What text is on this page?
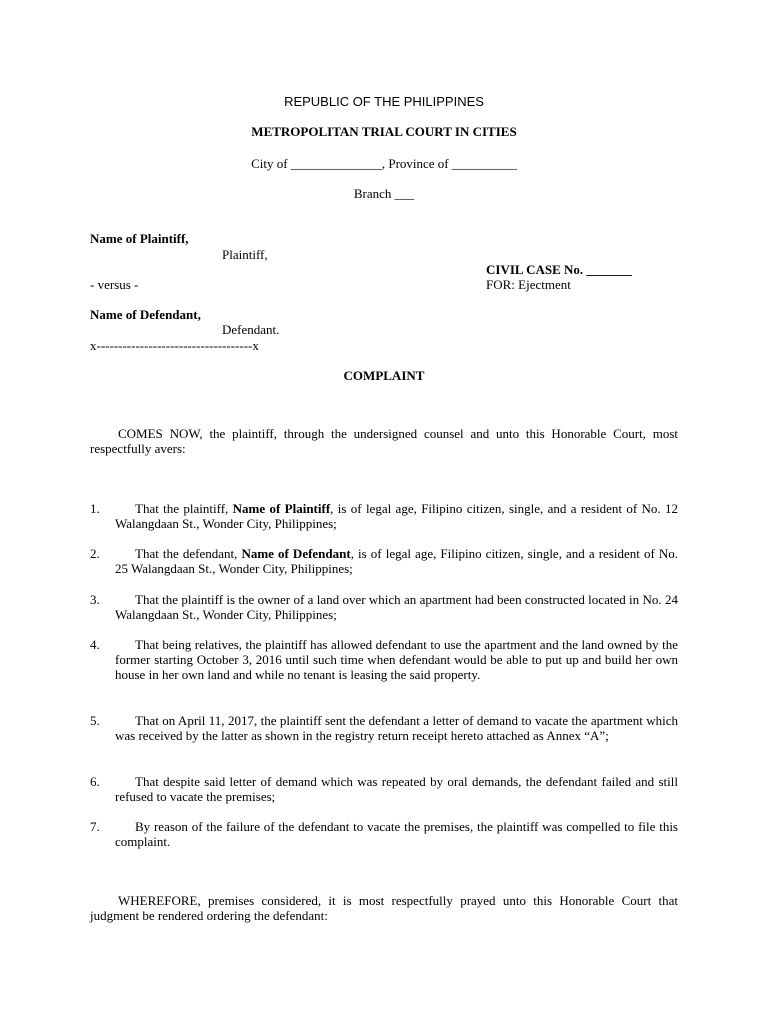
REPUBLIC OF THE PHILIPPINES
METROPOLITAN TRIAL COURT IN CITIES
City of ______________, Province of __________
Branch ___
Name of Plaintiff,
Plaintiff,
CIVIL CASE No. _______
- versus -	FOR: Ejectment
Name of Defendant,
Defendant.
x------------------------------------x
COMPLAINT
COMES NOW, the plaintiff, through the undersigned counsel and unto this Honorable Court, most respectfully avers:
1.	That the plaintiff, Name of Plaintiff, is of legal age, Filipino citizen, single, and a resident of No. 12 Walangdaan St., Wonder City, Philippines;
2.	That the defendant, Name of Defendant, is of legal age, Filipino citizen, single, and a resident of No. 25 Walangdaan St., Wonder City, Philippines;
3.	That the plaintiff is the owner of a land over which an apartment had been constructed located in No. 24 Walangdaan St., Wonder City, Philippines;
4.	That being relatives, the plaintiff has allowed defendant to use the apartment and the land owned by the former starting October 3, 2016 until such time when defendant would be able to put up and build her own house in her own land and while no tenant is leasing the said property.
5.	That on April 11, 2017, the plaintiff sent the defendant a letter of demand to vacate the apartment which was received by the latter as shown in the registry return receipt hereto attached as Annex “A”;
6.	That despite said letter of demand which was repeated by oral demands, the defendant failed and still refused to vacate the premises;
7.	By reason of the failure of the defendant to vacate the premises, the plaintiff was compelled to file this complaint.
WHEREFORE, premises considered, it is most respectfully prayed unto this Honorable Court that judgment be rendered ordering the defendant:
